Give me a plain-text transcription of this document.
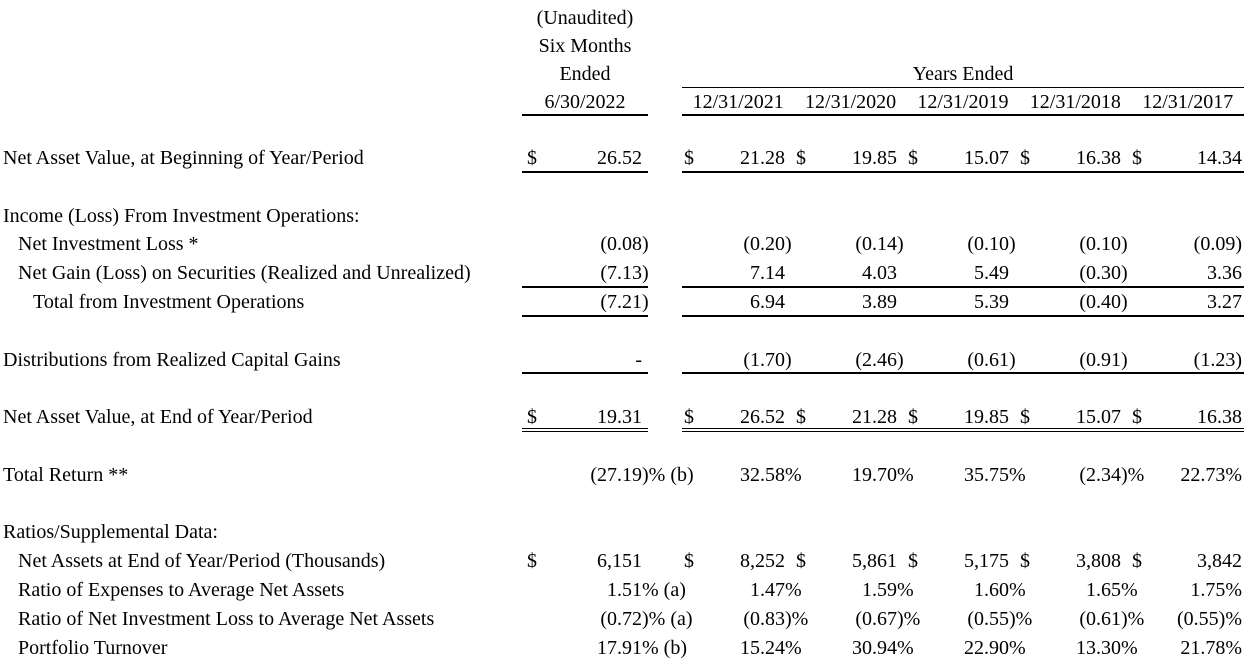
(Unaudited)
Six Months
Ended
6/30/2022
Years Ended
12/31/2021	12/31/2020	12/31/2019	12/31/2018	12/31/2017
Net Asset Value, at Beginning of Year/Period	$	26.52 $	21.28 $	19.85 $	15.07 $	16.38 $	14.34
Income (Loss) From Investment Operations:
Net Investment Loss *	(0.08 )	(0.20 )	(0.14 )	(0.10 )	(0.10 )	(0.09)
Net Gain (Loss) on Securities (Realized and Unrealized)	(7.13 )	7.14	4.03	5.49	(0.30 )	3.36
Total from Investment Operations	(7.21 )	6.94	3.89	5.39	(0.40 )	3.27
Distributions from Realized Capital Gains	-	(1.70 )	(2.46 )	(0.61 )	(0.91 )	(1.23)
Net Asset Value, at End of Year/Period	$	19.31 $	26.52 $	21.28 $	19.85 $	15.07 $	16.38
Total Return **	(27.19 )% (b)	32.58 %	19.70 %	35.75 %	(2.34 )%	22.73%
Ratios/Supplemental Data:
Net Assets at End of Year/Period (Thousands)	$	6,151 $	8,252 $	5,861 $	5,175 $	3,808 $	3,842
Ratio of Expenses to Average Net Assets	1.51 % (a)	1.47 %	1.59 %	1.60 %	1.65 %	1.75%
Ratio of Net Investment Loss to Average Net Assets	(0.72 )% (a)	(0.83 )%	(0.67 )%	(0.55 )%	(0.61 )%	(0.55)%
Portfolio Turnover	17.91 % (b)	15.24 %	30.94 %	22.90 %	13.30 %	21.78%
